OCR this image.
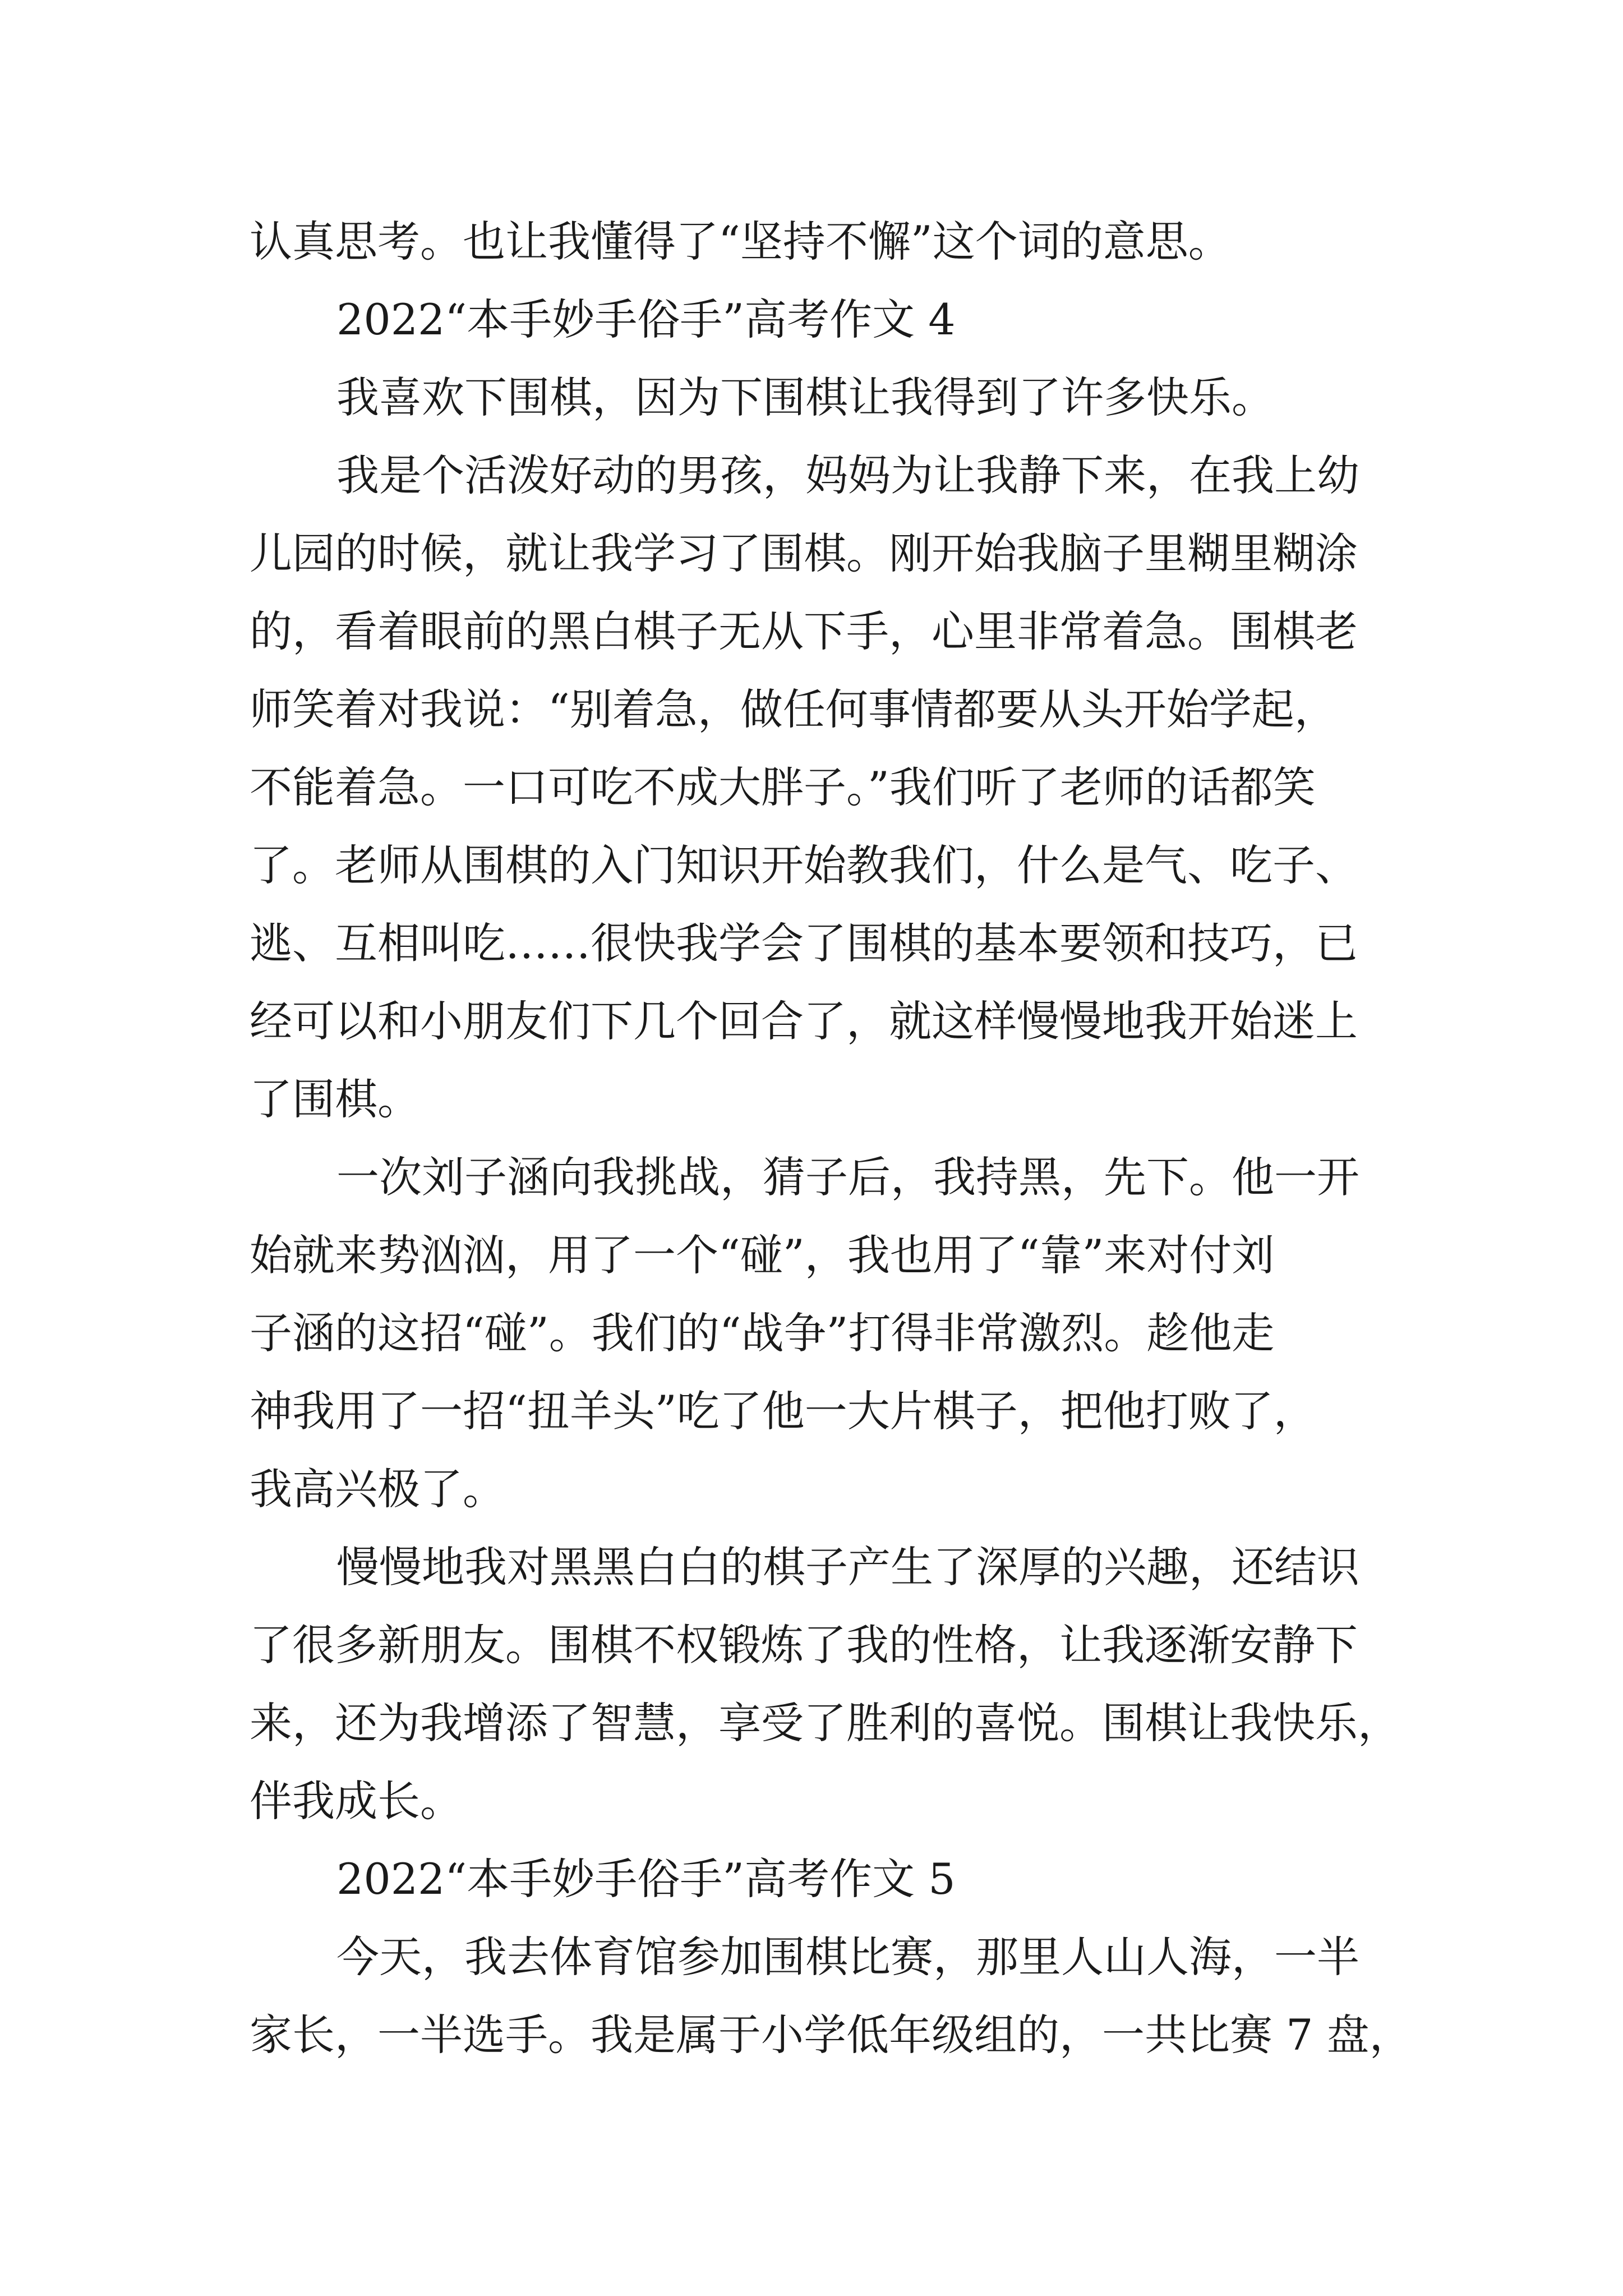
认真思考。也让我懂得了“坚持不懈”这个词的意思。

2022“本手妙手俗手”高考作文 4

我喜欢下围棋，因为下围棋让我得到了许多快乐。

我是个活泼好动的男孩，妈妈为让我静下来，在我上幼

儿园的时候，就让我学习了围棋。刚开始我脑子里糊里糊涂

的，看着眼前的黑白棋子无从下手，心里非常着急。围棋老

师笑着对我说：“别着急，做任何事情都要从头开始学起，

不能着急。一口可吃不成大胖子。”我们听了老师的话都笑

了。老师从围棋的入门知识开始教我们，什么是气、吃子、

逃、互相叫吃……很快我学会了围棋的基本要领和技巧，已

经可以和小朋友们下几个回合了，就这样慢慢地我开始迷上

了围棋。

一次刘子涵向我挑战，猜子后，我持黑，先下。他一开

始就来势汹汹，用了一个“碰”，我也用了“靠”来对付刘

子涵的这招“碰”。我们的“战争”打得非常激烈。趁他走

神我用了一招“扭羊头”吃了他一大片棋子，把他打败了，

我高兴极了。

慢慢地我对黑黑白白的棋子产生了深厚的兴趣，还结识

了很多新朋友。围棋不权锻炼了我的性格，让我逐渐安静下

来，还为我增添了智慧，享受了胜利的喜悦。围棋让我快乐，

伴我成长。

2022“本手妙手俗手”高考作文 5

今天，我去体育馆参加围棋比赛，那里人山人海，一半

家长，一半选手。我是属于小学低年级组的，一共比赛 7 盘，
